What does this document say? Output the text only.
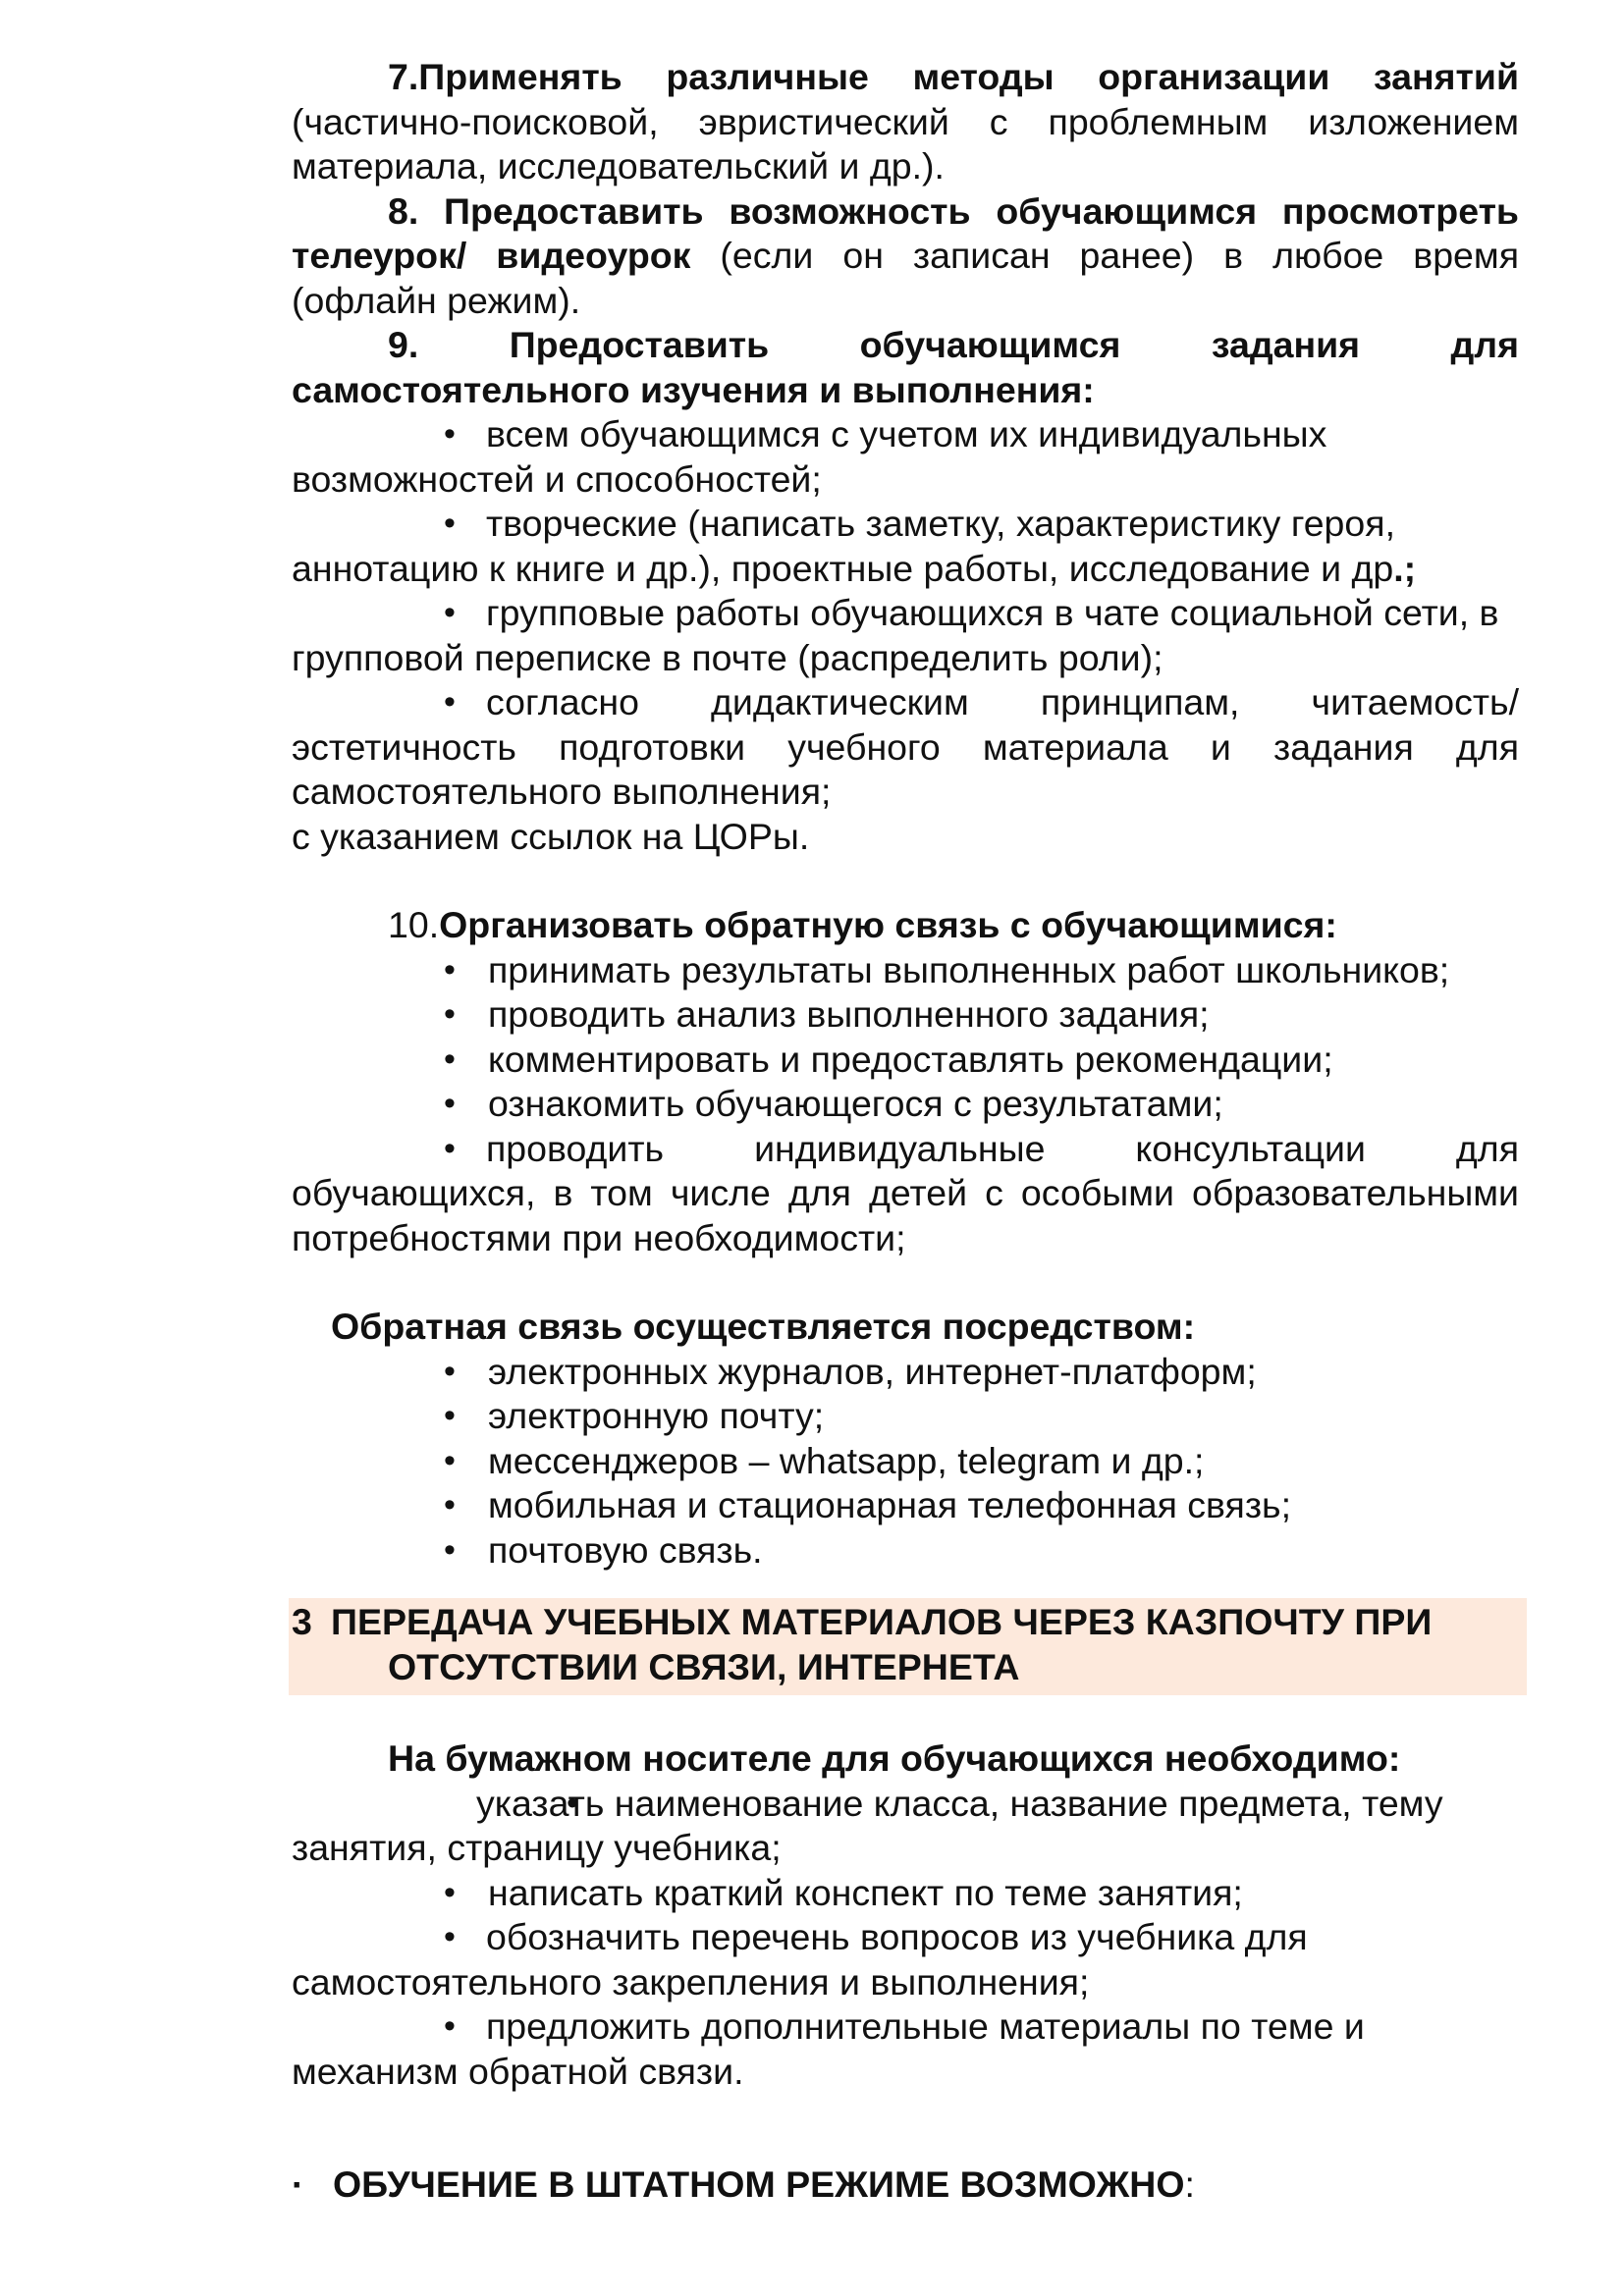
7.Применять различные методы организации занятий (частично-поисковой, эвристический с проблемным изложением материала, исследовательский и др.).

8. Предоставить возможность обучающимся просмотреть телеурок/ видеоурок (если он записан ранее) в любое время (офлайн режим).

9. Предоставить обучающимся задания для

самостоятельного изучения и выполнения:

• всем обучающимся с учетом их индивидуальных возможностей и способностей;

• творческие (написать заметку, характеристику героя, аннотацию к книге и др.), проектные работы, исследование и др.;

• групповые работы обучающихся в чате социальной сети, в групповой переписке в почте (распределить роли);

• согласно дидактическим принципам, читаемость/эстетичность подготовки учебного материала и задания для самостоятельного выполнения;

с указанием ссылок на ЦОРы.

10.Организовать обратную связь с обучающимися:

• принимать результаты выполненных работ школьников;

• проводить анализ выполненного задания;

• комментировать и предоставлять рекомендации;

• ознакомить обучающегося с результатами;

• проводить индивидуальные консультации для обучающихся, в том числе для детей с особыми образовательными потребностями при необходимости;

Обратная связь осуществляется посредством:

• электронных журналов, интернет-платформ;

• электронную почту;

• мессенджеров – whatsapp, telegram и др.;

• мобильная и стационарная телефонная связь;

• почтовую связь.

3 ПЕРЕДАЧА УЧЕБНЫХ МАТЕРИАЛОВ ЧЕРЕЗ КАЗПОЧТУ ПРИ

ОТСУТСТВИИ СВЯЗИ, ИНТЕРНЕТА

На бумажном носителе для обучающихся необходимо:

• указать наименование класса, название предмета, тему занятия, страницу учебника;

• написать краткий конспект по теме занятия;

• обозначить перечень вопросов из учебника для самостоятельного закрепления и выполнения;

• предложить дополнительные материалы по теме и механизм обратной связи.

· ОБУЧЕНИЕ В ШТАТНОМ РЕЖИМЕ ВОЗМОЖНО:
